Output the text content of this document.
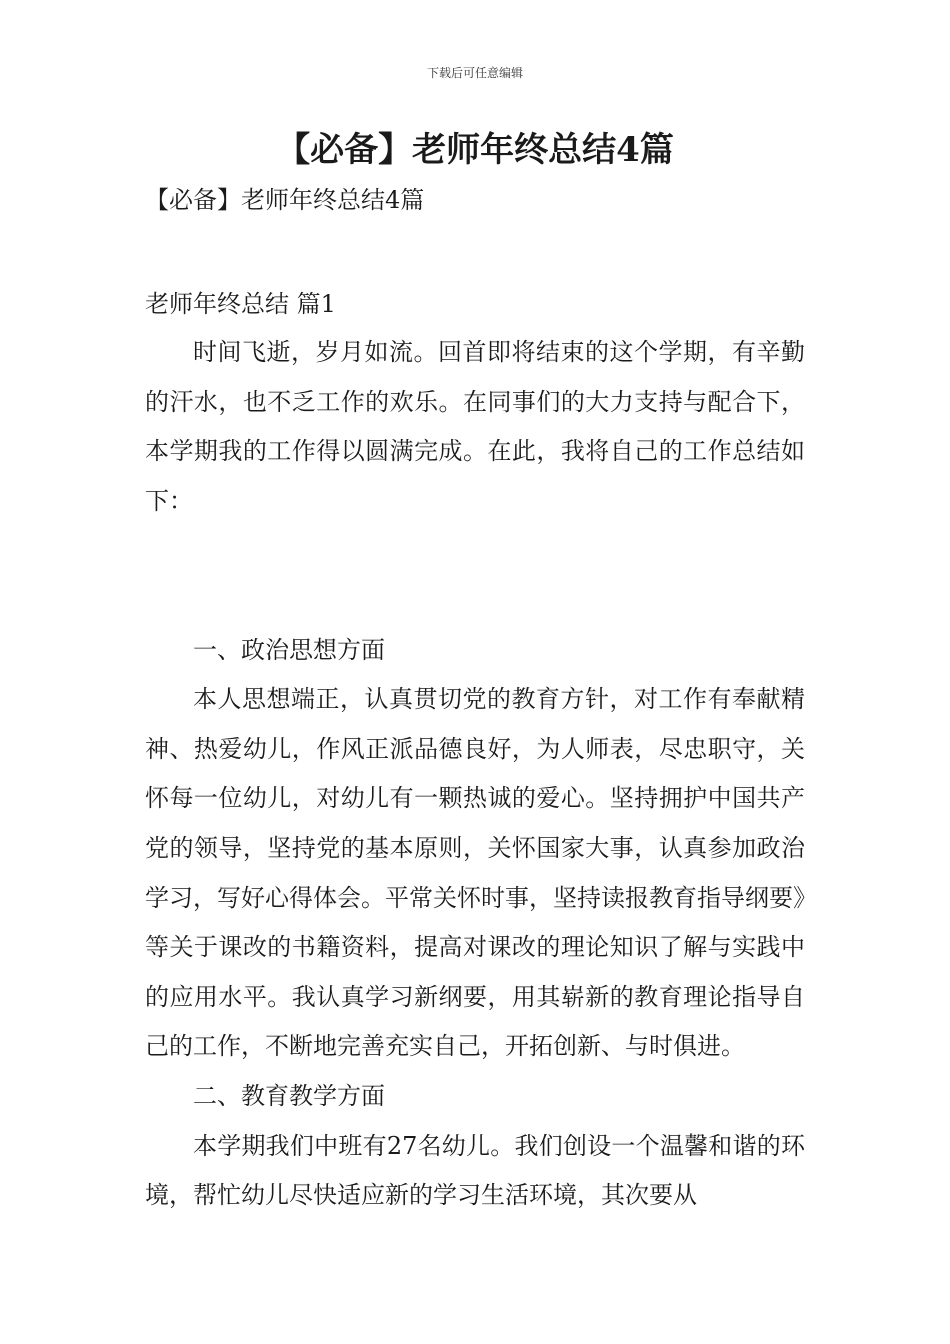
下载后可任意编辑
【必备】老师年终总结4篇
【必备】老师年终总结4篇
老师年终总结 篇1

时间飞逝，岁月如流。回首即将结束的这个学期，有辛勤的汗水，也不乏工作的欢乐。在同事们的大力支持与配合下，本学期我的工作得以圆满完成。在此，我将自己的工作总结如下：

一、政治思想方面

本人思想端正，认真贯切党的教育方针，对工作有奉献精神、热爱幼儿，作风正派品德良好，为人师表，尽忠职守，关怀每一位幼儿，对幼儿有一颗热诚的爱心。坚持拥护中国共产党的领导，坚持党的基本原则，关怀国家大事，认真参加政治学习，写好心得体会。平常关怀时事，坚持读报教育指导纲要》等关于课改的书籍资料，提高对课改的理论知识了解与实践中的应用水平。我认真学习新纲要，用其崭新的教育理论指导自己的工作，不断地完善充实自己，开拓创新、与时俱进。

二、教育教学方面

本学期我们中班有27名幼儿。我们创设一个温馨和谐的环境，帮忙幼儿尽快适应新的学习生活环境，其次要从
